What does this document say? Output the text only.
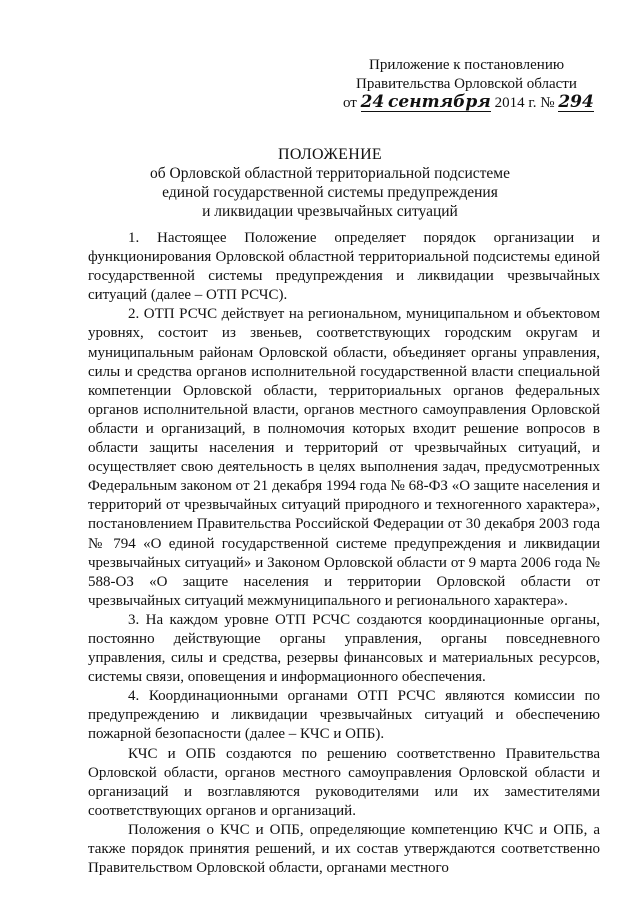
Приложение к постановлению
Правительства Орловской области
от 24 сентября 2014 г. № 294
ПОЛОЖЕНИЕ
об Орловской областной территориальной подсистеме
единой государственной системы предупреждения
и ликвидации чрезвычайных ситуаций

1. Настоящее Положение определяет порядок организации и функционирования Орловской областной территориальной подсистемы единой государственной системы предупреждения и ликвидации чрезвычайных ситуаций (далее – ОТП РСЧС).

2. ОТП РСЧС действует на региональном, муниципальном и объектовом уровнях, состоит из звеньев, соответствующих городским округам и муниципальным районам Орловской области, объединяет органы управления, силы и средства органов исполнительной государственной власти специальной компетенции Орловской области, территориальных органов федеральных органов исполнительной власти, органов местного самоуправления Орловской области и организаций, в полномочия которых входит решение вопросов в области защиты населения и территорий от чрезвычайных ситуаций, и осуществляет свою деятельность в целях выполнения задач, предусмотренных Федеральным законом от 21 декабря 1994 года № 68-ФЗ «О защите населения и территорий от чрезвычайных ситуаций природного и техногенного характера», постановлением Правительства Российской Федерации от 30 декабря 2003 года № 794 «О единой государственной системе предупреждения и ликвидации чрезвычайных ситуаций» и Законом Орловской области от 9 марта 2006 года № 588-ОЗ «О защите населения и территории Орловской области от чрезвычайных ситуаций межмуниципального и регионального характера».

3. На каждом уровне ОТП РСЧС создаются координационные органы, постоянно действующие органы управления, органы повседневного управления, силы и средства, резервы финансовых и материальных ресурсов, системы связи, оповещения и информационного обеспечения.

4. Координационными органами ОТП РСЧС являются комиссии по предупреждению и ликвидации чрезвычайных ситуаций и обеспечению пожарной безопасности (далее – КЧС и ОПБ).

КЧС и ОПБ создаются по решению соответственно Правительства Орловской области, органов местного самоуправления Орловской области и организаций и возглавляются руководителями или их заместителями соответствующих органов и организаций.

Положения о КЧС и ОПБ, определяющие компетенцию КЧС и ОПБ, а также порядок принятия решений, и их состав утверждаются соответственно Правительством Орловской области, органами местного
